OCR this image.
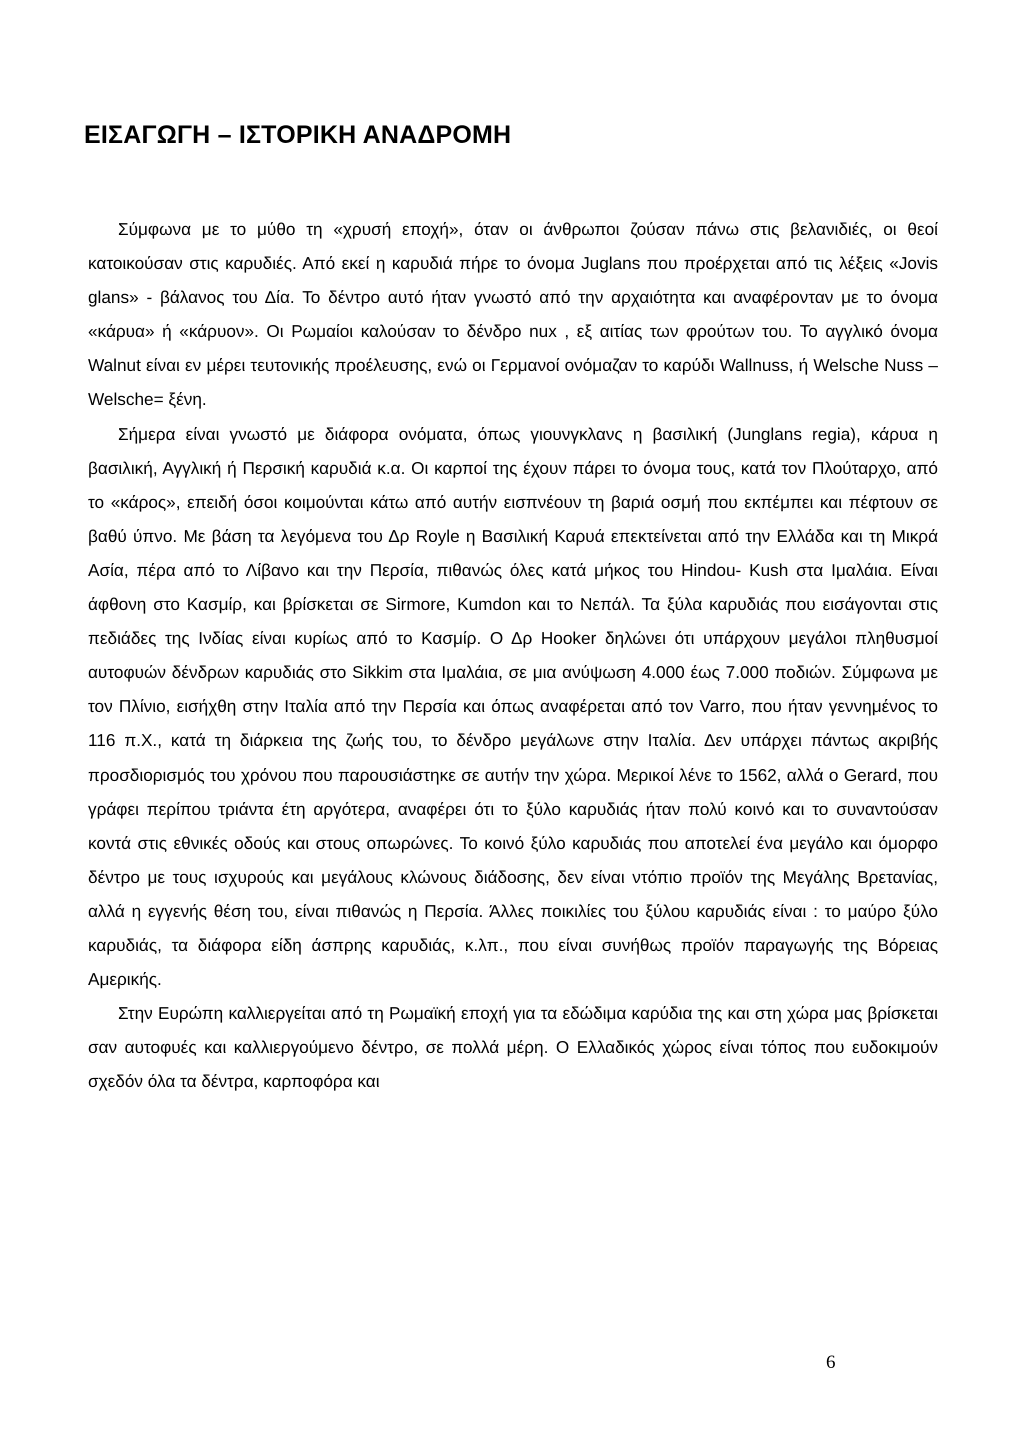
ΕΙΣΑΓΩΓΗ – ΙΣΤΟΡΙΚΗ ΑΝΑΔΡΟΜΗ

Σύμφωνα με το μύθο τη «χρυσή εποχή», όταν οι άνθρωποι ζούσαν πάνω στις βελανιδιές, οι θεοί κατοικούσαν στις καρυδιές. Από εκεί η καρυδιά πήρε το όνομα Juglans που προέρχεται από τις λέξεις «Jovis glans» - βάλανος του Δία. Το δέντρο αυτό ήταν γνωστό από την αρχαιότητα και αναφέρονταν με το όνομα «κάρυα» ή «κάρυον». Οι Ρωμαίοι καλούσαν το δένδρο nux , εξ αιτίας των φρούτων του. Το αγγλικό όνομα Walnut είναι εν μέρει τευτονικής προέλευσης, ενώ οι Γερμανοί ονόμαζαν το καρύδι Wallnuss, ή Welsche Nuss – Welsche= ξένη.

Σήμερα είναι γνωστό με διάφορα ονόματα, όπως γιουνγκλανς η βασιλική (Junglans regia), κάρυα η βασιλική, Αγγλική ή Περσική καρυδιά κ.α. Οι καρποί της έχουν πάρει το όνομα τους, κατά τον Πλούταρχο, από το «κάρος», επειδή όσοι κοιμούνται κάτω από αυτήν εισπνέουν τη βαριά οσμή που εκπέμπει και πέφτουν σε βαθύ ύπνο. Με βάση τα λεγόμενα του Δρ Royle η Βασιλική Καρυά επεκτείνεται από την Ελλάδα και τη Μικρά Ασία, πέρα από το Λίβανο και την Περσία, πιθανώς όλες κατά μήκος του Hindou- Kush στα Ιμαλάια. Είναι άφθονη στο Κασμίρ, και βρίσκεται σε Sirmore, Kumdon και το Νεπάλ. Τα ξύλα καρυδιάς που εισάγονται στις πεδιάδες της Ινδίας είναι κυρίως από το Κασμίρ. Ο Δρ Hooker δηλώνει ότι υπάρχουν μεγάλοι πληθυσμοί αυτοφυών δένδρων καρυδιάς στο Sikkim στα Ιμαλάια, σε μια ανύψωση 4.000 έως 7.000 ποδιών. Σύμφωνα με τον Πλίνιο, εισήχθη στην Ιταλία από την Περσία και όπως αναφέρεται από τον Varro, που ήταν γεννημένος το 116 π.Χ., κατά τη διάρκεια της ζωής του, το δένδρο μεγάλωνε στην Ιταλία. Δεν υπάρχει πάντως ακριβής προσδιορισμός του χρόνου που παρουσιάστηκε σε αυτήν την χώρα. Μερικοί λένε το 1562, αλλά ο Gerard, που γράφει περίπου τριάντα έτη αργότερα, αναφέρει ότι το ξύλο καρυδιάς ήταν πολύ κοινό και το συναντούσαν κοντά στις εθνικές οδούς και στους οπωρώνες. Το κοινό ξύλο καρυδιάς που αποτελεί ένα μεγάλο και όμορφο δέντρο με τους ισχυρούς και μεγάλους κλώνους διάδοσης, δεν είναι ντόπιο προϊόν της Μεγάλης Βρετανίας, αλλά η εγγενής θέση του, είναι πιθανώς η Περσία. Άλλες ποικιλίες του ξύλου καρυδιάς είναι : το μαύρο ξύλο καρυδιάς, τα διάφορα είδη άσπρης καρυδιάς, κ.λπ., που είναι συνήθως προϊόν παραγωγής της Βόρειας Αμερικής.

Στην Ευρώπη καλλιεργείται από τη Ρωμαϊκή εποχή για τα εδώδιμα καρύδια της και στη χώρα μας βρίσκεται σαν αυτοφυές και καλλιεργούμενο δέντρο, σε πολλά μέρη. Ο Ελλαδικός χώρος είναι τόπος που ευδοκιμούν σχεδόν όλα τα δέντρα, καρποφόρα και

6
